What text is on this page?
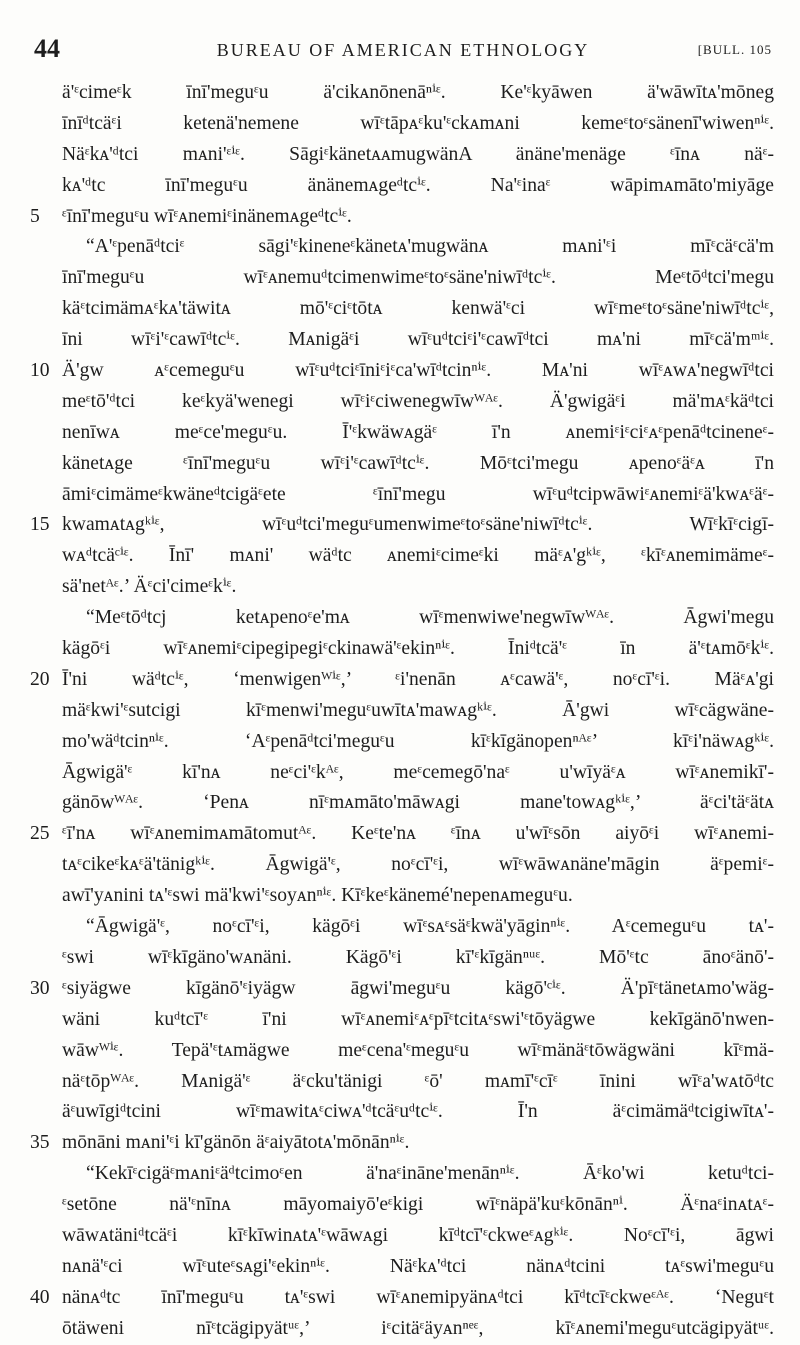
44	BUREAU OF AMERICAN ETHNOLOGY	[BULL. 105
ä'ᵋcimeᵋk īnī'meguᵋu ä'cikᴀnōnenāⁿⁱᵋ. Ke'ᵋkyāwen ä'wāwītᴀ'mōneg
īnīᵈtcäᵋi ketenä'nemene wīᵋtāpᴀᵋku'ᵋckᴀmᴀni kemeᵋtoᵋsänenī'wiwenⁿⁱᵋ.
Näᵋkᴀ'ᵈtci mᴀni'ᵋⁱᵋ. SāgiᵋkänetᴀᴀmugwänA änäne'menäge ᵋīnᴀ näᵋ-
kᴀ'ᵈtc īnī'meguᵋu änänemᴀgeᵈtcⁱᵋ. Na'ᵋinaᵋ wāpimᴀmāto'miyāge
5	ᵋīnī'meguᵋu wīᵋᴀnemiᵋinänemᴀgeᵈtcⁱᵋ.
“A'ᵋpenāᵈtciᵋ sāgi'ᵋkineneᵋkänetᴀ'mugwänᴀ mᴀni'ᵋi mīᵋcäᵋcä'm
īnī'meguᵋu wīᵋᴀnemuᵈtcimenwimeᵋtoᵋsäne'niwīᵈtcⁱᵋ. Meᵋtōᵈtci'megu
käᵋtcimämᴀᵋkᴀ'täwitᴀ mō'ᵋciᵋtōtᴀ kenwä'ᵋci wīᵋmeᵋtoᵋsäne'niwīᵈtcⁱᵋ,
īni wīᵋi'ᵋcawīᵈtcⁱᵋ. Mᴀnigäᵋi wīᵋuᵈtciᵋi'ᵋcawīᵈtci mᴀ'ni mīᵋcä'mᵐⁱᵋ.
10 Ä'gw ᴀᵋcemeguᵋu wīᵋuᵈtciᵋīniᵋiᵋca'wīᵈtcinⁿⁱᵋ. Mᴀ'ni wīᵋᴀwᴀ'negwīᵈtci
meᵋtō'ᵈtci keᵋkyä'wenegi wīᵋiᵋciwenegwīwᵂᴬᵋ. Ä'gwigäᵋi mä'mᴀᵋkäᵈtci
nenīwᴀ meᵋce'meguᵋu. Ī'ᵋkwäwᴀgäᵋ ī'n ᴀnemiᵋiᵋciᵋᴀᵋpenāᵈtcineneᵋ-
känetᴀge ᵋīnī'meguᵋu wīᵋi'ᵋcawīᵈtcⁱᵋ. Mōᵋtci'megu ᴀpenoᵋäᵋᴀ ī'n
āmiᵋcimämeᵋkwäneᵈtcigäᵋete ᵋīnī'megu wīᵋuᵈtcipwāwiᵋᴀnemiᵋä'kwᴀᵋäᵋ-
15 kwamᴀtᴀgᵏⁱᵋ, wīᵋuᵈtci'meguᵋumenwimeᵋtoᵋsäne'niwīᵈtcⁱᵋ. Wīᵋkīᵋcigī-
wᴀᵈtcäᶜⁱᵋ. Īnī' mᴀni' wäᵈtc ᴀnemiᵋcimeᵋki mäᵋᴀ'gᵏⁱᵋ, ᵋkīᵋᴀnemimämeᵋ-
sä'netᴬᵋ.’ Äᵋci'cimeᵋkⁱᵋ.
“Meᵋtōᵈtcj ketᴀpenoᵋe'mᴀ wīᵋmenwiwe'negwīwᵂᴬᵋ. Āgwi'megu
kägōᵋi wīᵋᴀnemiᵋcipegipegiᵋckinawä'ᵋekinⁿⁱᵋ. Īniᵈtcä'ᵋ īn ä'ᵋtᴀmōᵋkⁱᵋ.
20 Ī'ni wäᵈtcⁱᵋ, ‘menwigenᵂⁱᵋ,’ ᵋi'nenān ᴀᵋcawä'ᵋ, noᵋcī'ᵋi. Mäᵋᴀ'gi
mäᵋkwi'ᵋsutcigi kīᵋmenwi'meguᵋuwītᴀ'mawᴀgᵏⁱᵋ. Ā'gwi wīᵋcägwäne-
mo'wäᵈtcinⁿⁱᵋ. ‘Aᵋpenāᵈtci'meguᵋu kīᵋkīgänopenⁿᴬᵋ’ kīᵋi'näwᴀgᵏⁱᵋ.
Āgwigä'ᵋ kī'nᴀ neᵋci'ᵋkᴬᵋ, meᵋcemegō'naᵋ u'wīyäᵋᴀ wīᵋᴀnemikī'-
gänōwᵂᴬᵋ. ‘Penᴀ nīᵋmᴀmāto'māwᴀgi mane'towᴀgᵏⁱᵋ,’ äᵋci'täᵋätᴀ
25 ᵋī'nᴀ wīᵋᴀnemimᴀmātomutᴬᵋ. Keᵋte'nᴀ ᵋīnᴀ u'wīᵋsōn aiyōᵋi wīᵋᴀnemi-
tᴀᵋcikeᵋkᴀᵋä'tänigᵏⁱᵋ. Āgwigä'ᵋ, noᵋcī'ᵋi, wīᵋwāwᴀnäne'māgin äᵋpemiᵋ-
awī'yᴀnini tᴀ'ᵋswi mä'kwi'ᵋsoyᴀnⁿⁱᵋ. Kīᵋkeᵋkänemé'nepenᴀmeguᵋu.
“Āgwigä'ᵋ, noᵋcī'ᵋi, kägōᵋi wīᵋsᴀᵋsäᵋkwä'yāginⁿⁱᵋ. Aᵋcemeguᵋu tᴀ'-
ᵋswi wīᵋkīgäno'wᴀnäni. Kägō'ᵋi kī'ᵋkīgänⁿᵘᵋ. Mō'ᵋtc ānoᵋänō'-
30 ᵋsiyägwe kīgänō'ᵋiyägw āgwi'meguᵋu kägō'ᶜⁱᵋ. Ä'pīᵋtänetᴀmo'wäg-
wäni kuᵈtcī'ᵋ ī'ni wīᵋᴀnemiᵋᴀᵋpīᵋtcitᴀᵋswi'ᵋtōyägwe kekīgänō'nwen-
wāwᵂⁱᵋ. Tepä'ᵋtᴀmägwe meᵋcena'ᵋmeguᵋu wīᵋmänäᵋtōwägwäni kīᵋmä-
näᵋtōpᵂᴬᵋ. Mᴀnigä'ᵋ äᵋcku'tänigi ᵋō' mᴀmī'ᵋcīᵋ īnini wīᵋa'wᴀtōᵈtc
äᵋuwīgiᵈtcini wīᵋmawitᴀᵋciwᴀ'ᵈtcäᵋuᵈtcⁱᵋ. Ī'n äᵋcimämäᵈtcigiwītᴀ'-
35 mōnāni mᴀni'ᵋi kī'gänōn äᵋaiyātotᴀ'mōnānⁿⁱᵋ.
“Kekīᵋcigäᵋmᴀniᵋäᵈtcimoᵋen ä'naᵋināne'menānⁿⁱᵋ. Āᵋko'wi ketuᵈtci-
ᵋsetōne nä'ᵋnīnᴀ māyomaiyō'eᵋkigi wīᵋnäpä'kuᵋkōnānⁿⁱ. Äᵋnaᵋinᴀtᴀᵋ-
wāwᴀtäniᵈtcäᵋi kīᵋkīwinᴀtᴀ'ᵋwāwᴀgi kīᵈtcī'ᵋckweᵋᴀgᵏⁱᵋ. Noᵋcī'ᵋi, āgwi
nᴀnä'ᵋci wīᵋuteᵋsᴀgi'ᵋekinⁿⁱᵋ. Näᵋkᴀ'ᵈtci nänᴀᵈtcini tᴀᵋswi'meguᵋu
40 nänᴀᵈtc īnī'meguᵋu tᴀ'ᵋswi wīᵋᴀnemipyänᴀᵈtci kīᵈtcīᵋckweᵋᴬᵋ. ‘Neguᵋt
ōtäweni nīᵋtcägipyätᵘᵋ,’ iᵋcitäᵋäyᴀnⁿᵉᵋ, kīᵋᴀnemi'meguᵋutcägipyätᵘᵋ.
